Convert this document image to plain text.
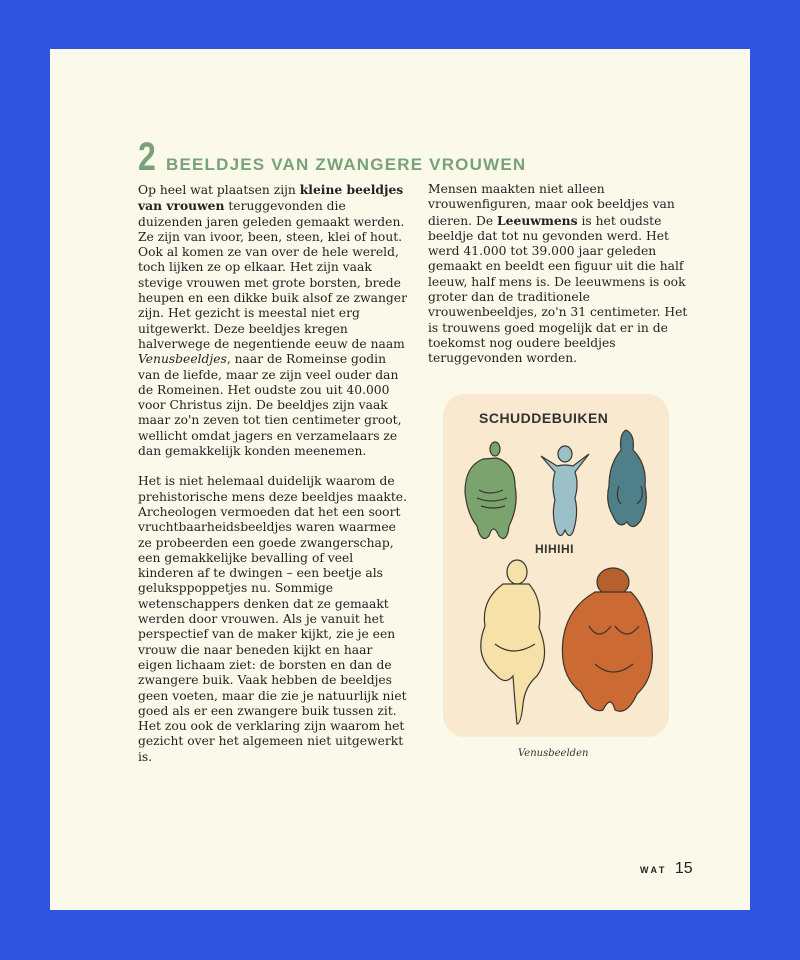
2 BEELDJES VAN ZWANGERE VROUWEN

Op heel wat plaatsen zijn kleine beeldjes van vrouwen teruggevonden die duizenden jaren geleden gemaakt werden. Ze zijn van ivoor, been, steen, klei of hout. Ook al komen ze van over de hele wereld, toch lijken ze op elkaar. Het zijn vaak stevige vrouwen met grote borsten, brede heupen en een dikke buik alsof ze zwanger zijn. Het gezicht is meestal niet erg uitgewerkt. Deze beeldjes kregen halverwege de negentiende eeuw de naam Venusbeeldjes, naar de Romeinse godin van de liefde, maar ze zijn veel ouder dan de Romeinen. Het oudste zou uit 40.000 voor Christus zijn. De beeldjes zijn vaak maar zo'n zeven tot tien centimeter groot, wellicht omdat jagers en verzamelaars ze dan gemakkelijk konden meenemen.

Het is niet helemaal duidelijk waarom de prehistorische mens deze beeldjes maakte. Archeologen vermoeden dat het een soort vruchtbaarheidsbeeldjes waren waarmee ze probeerden een goede zwangerschap, een gemakkelijke bevalling of veel kinderen af te dwingen – een beetje als geluksppoppetjes nu. Sommige wetenschappers denken dat ze gemaakt werden door vrouwen. Als je vanuit het perspectief van de maker kijkt, zie je een vrouw die naar beneden kijkt en haar eigen lichaam ziet: de borsten en dan de zwangere buik. Vaak hebben de beeldjes geen voeten, maar die zie je natuurlijk niet goed als er een zwangere buik tussen zit. Het zou ook de verklaring zijn waarom het gezicht over het algemeen niet uitgewerkt is.

Mensen maakten niet alleen vrouwenfiguren, maar ook beeldjes van dieren. De Leeuwmens is het oudste beeldje dat tot nu gevonden werd. Het werd 41.000 tot 39.000 jaar geleden gemaakt en beeldt een figuur uit die half leeuw, half mens is. De leeuwmens is ook groter dan de traditionele vrouwenbeeldjes, zo'n 31 centimeter. Het is trouwens goed mogelijk dat er in de toekomst nog oudere beeldjes teruggevonden worden.

SCHUDDEBUIKEN
HIHIHI
Venusbeelden
WAT 15
